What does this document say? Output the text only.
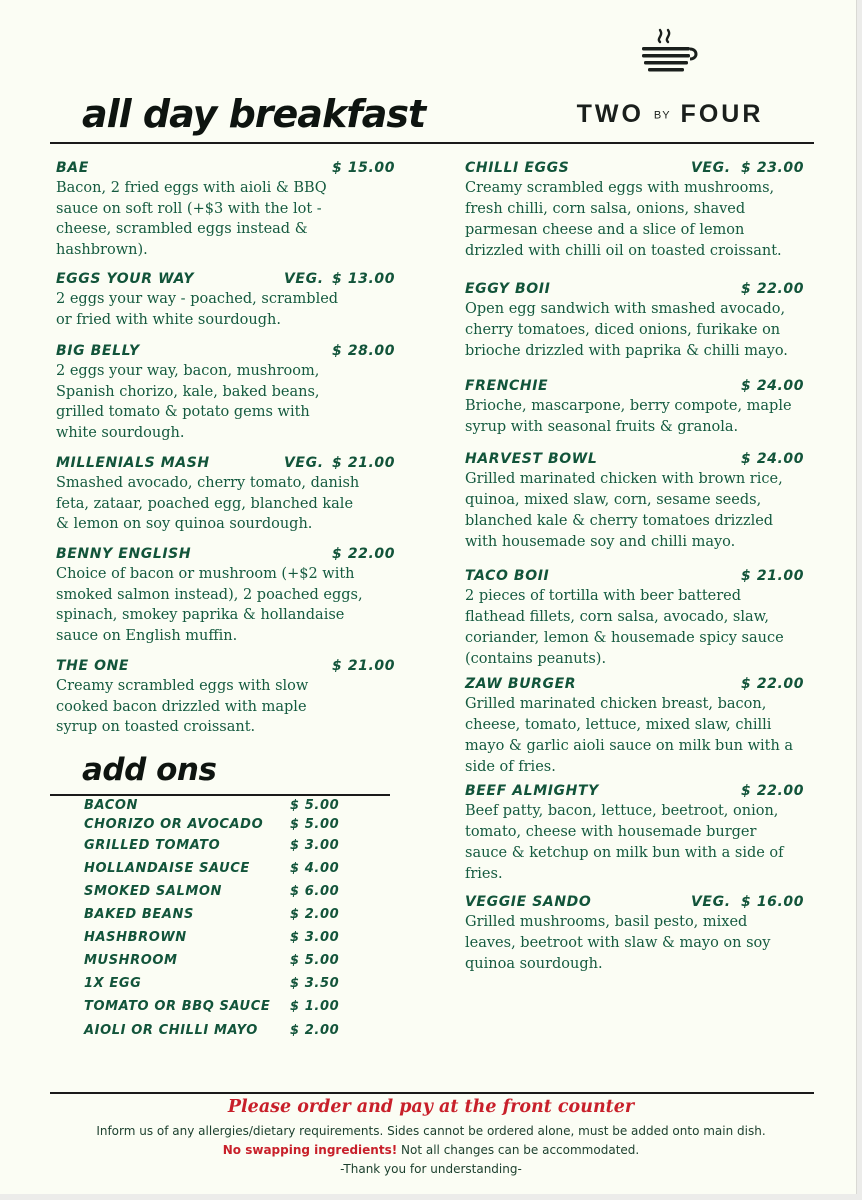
all day breakfast	TWO BY FOUR
BAE	$ 15.00
Bacon, 2 fried eggs with aioli & BBQ
sauce on soft roll (+$3 with the lot -
cheese, scrambled eggs instead &
hashbrown).
EGGS YOUR WAY	VEG. $ 13.00
2 eggs your way - poached, scrambled
or fried with white sourdough.
BIG BELLY	$ 28.00
2 eggs your way, bacon, mushroom,
Spanish chorizo, kale, baked beans,
grilled tomato & potato gems with
white sourdough.
MILLENIALS MASH	VEG. $ 21.00
Smashed avocado, cherry tomato, danish
feta, zataar, poached egg, blanched kale
& lemon on soy quinoa sourdough.
BENNY ENGLISH	$ 22.00
Choice of bacon or mushroom (+$2 with
smoked salmon instead), 2 poached eggs,
spinach, smokey paprika & hollandaise
sauce on English muffin.
THE ONE	$ 21.00
Creamy scrambled eggs with slow
cooked bacon drizzled with maple
syrup on toasted croissant.
CHILLI EGGS	VEG. $ 23.00
Creamy scrambled eggs with mushrooms,
fresh chilli, corn salsa, onions, shaved
parmesan cheese and a slice of lemon
drizzled with chilli oil on toasted croissant.
EGGY BOII	$ 22.00
Open egg sandwich with smashed avocado,
cherry tomatoes, diced onions, furikake on
brioche drizzled with paprika & chilli mayo.
FRENCHIE	$ 24.00
Brioche, mascarpone, berry compote, maple
syrup with seasonal fruits & granola.
HARVEST BOWL	$ 24.00
Grilled marinated chicken with brown rice,
quinoa, mixed slaw, corn, sesame seeds,
blanched kale & cherry tomatoes drizzled
with housemade soy and chilli mayo.
TACO BOII	$ 21.00
2 pieces of tortilla with beer battered
flathead fillets, corn salsa, avocado, slaw,
coriander, lemon & housemade spicy sauce
(contains peanuts).
ZAW BURGER	$ 22.00
Grilled marinated chicken breast, bacon,
cheese, tomato, lettuce, mixed slaw, chilli
mayo & garlic aioli sauce on milk bun with a
side of fries.
BEEF ALMIGHTY	$ 22.00
Beef patty, bacon, lettuce, beetroot, onion,
tomato, cheese with housemade burger
sauce & ketchup on milk bun with a side of
fries.
VEGGIE SANDO	VEG. $ 16.00
Grilled mushrooms, basil pesto, mixed
leaves, beetroot with slaw & mayo on soy
quinoa sourdough.
add ons
BACON	$ 5.00
CHORIZO OR AVOCADO $ 5.00
GRILLED TOMATO	$ 3.00
HOLLANDAISE SAUCE	$ 4.00
SMOKED SALMON	$ 6.00
BAKED BEANS	$ 2.00
HASHBROWN	$ 3.00
MUSHROOM	$ 5.00
1X EGG	$ 3.50
TOMATO OR BBQ SAUCE $ 1.00
AIOLI OR CHILLI MAYO $ 2.00
Please order and pay at the front counter
Inform us of any allergies/dietary requirements. Sides cannot be ordered alone, must be added onto main dish.
No swapping ingredients! Not all changes can be accommodated.
-Thank you for understanding-
